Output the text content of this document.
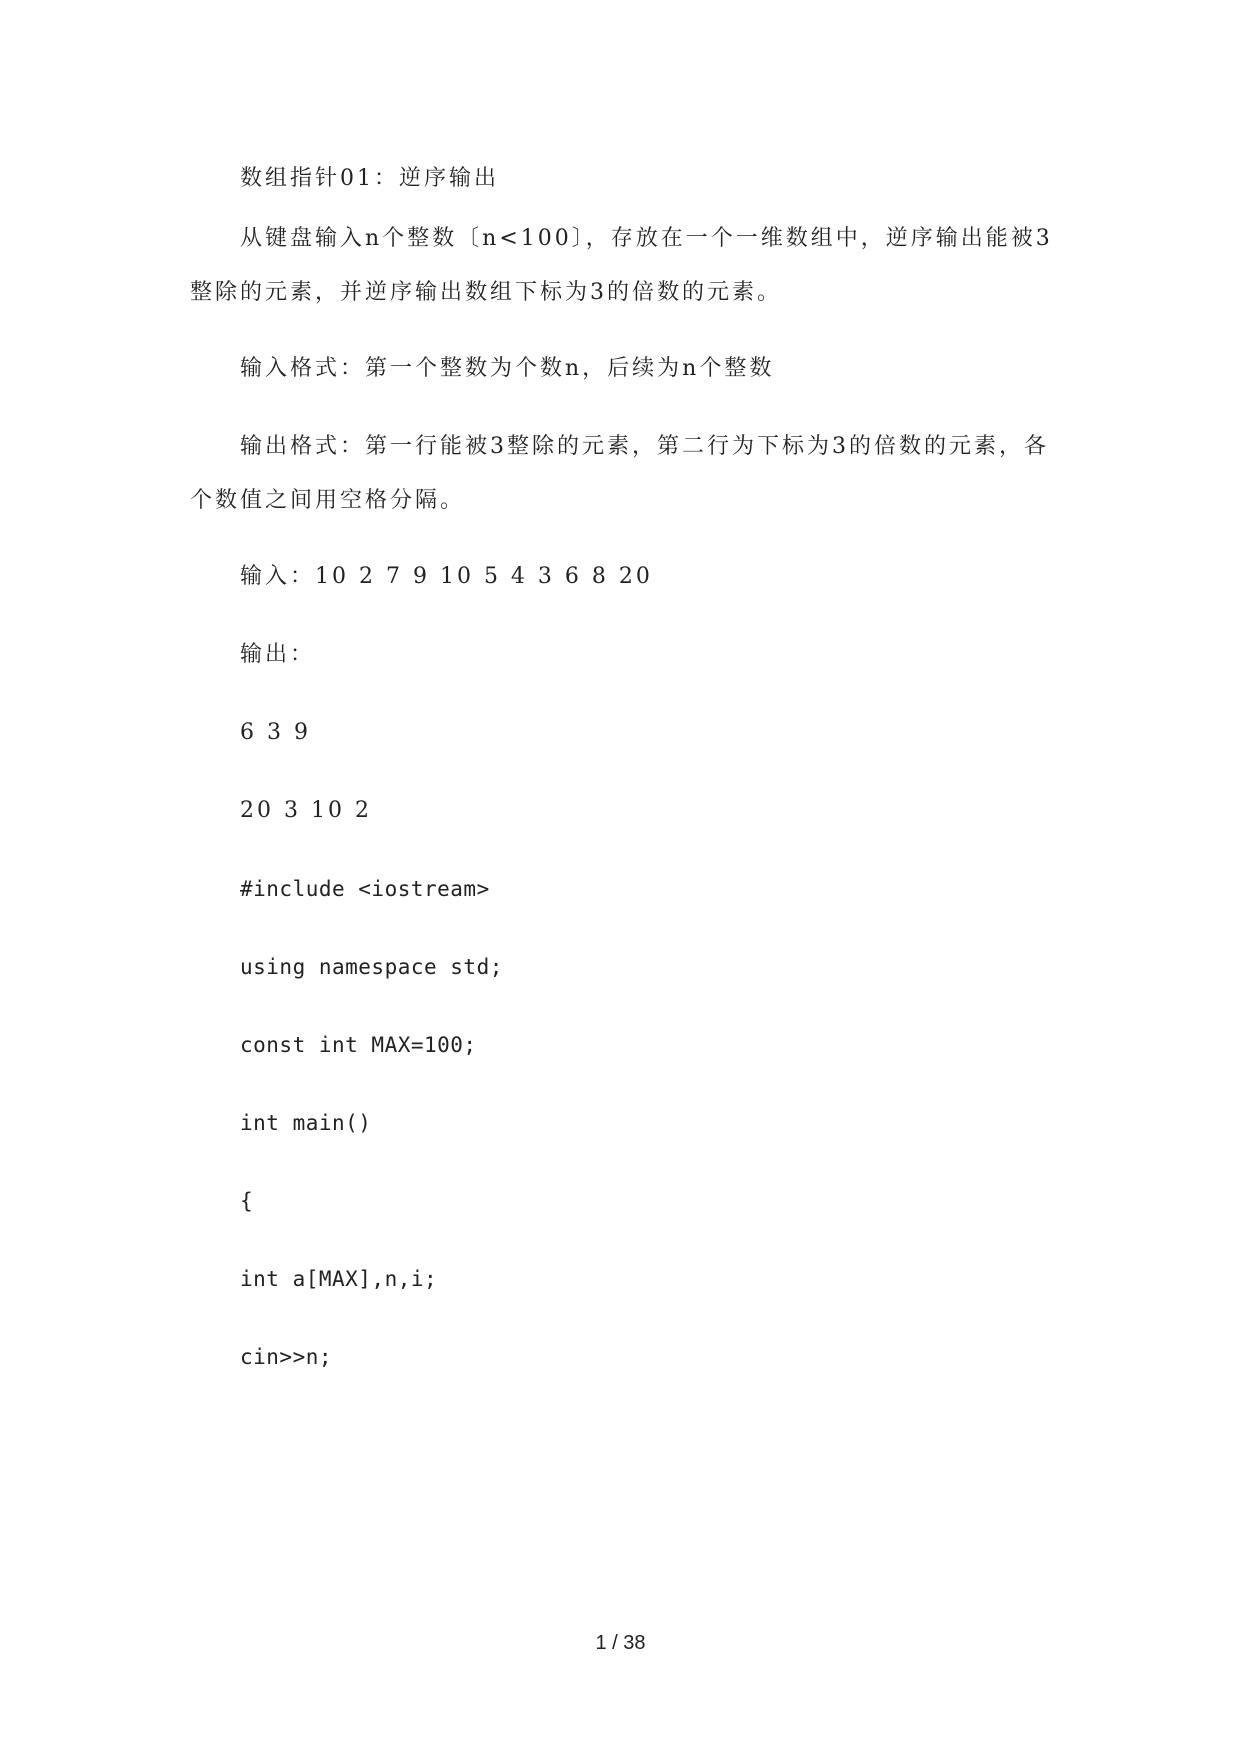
数组指针01：逆序输出
从键盘输入n个整数〔n<100〕，存放在一个一维数组中，逆序输出能被3
整除的元素，并逆序输出数组下标为3的倍数的元素。
输入格式：第一个整数为个数n，后续为n个整数
输出格式：第一行能被3整除的元素，第二行为下标为3的倍数的元素，各
个数值之间用空格分隔。
输入：10 2 7 9 10 5 4 3 6 8 20
输出：
6 3 9
20 3 10 2
#include <iostream>
using namespace std;
const int MAX=100;
int main()
{
int a[MAX],n,i;
cin>>n;
1 / 38
